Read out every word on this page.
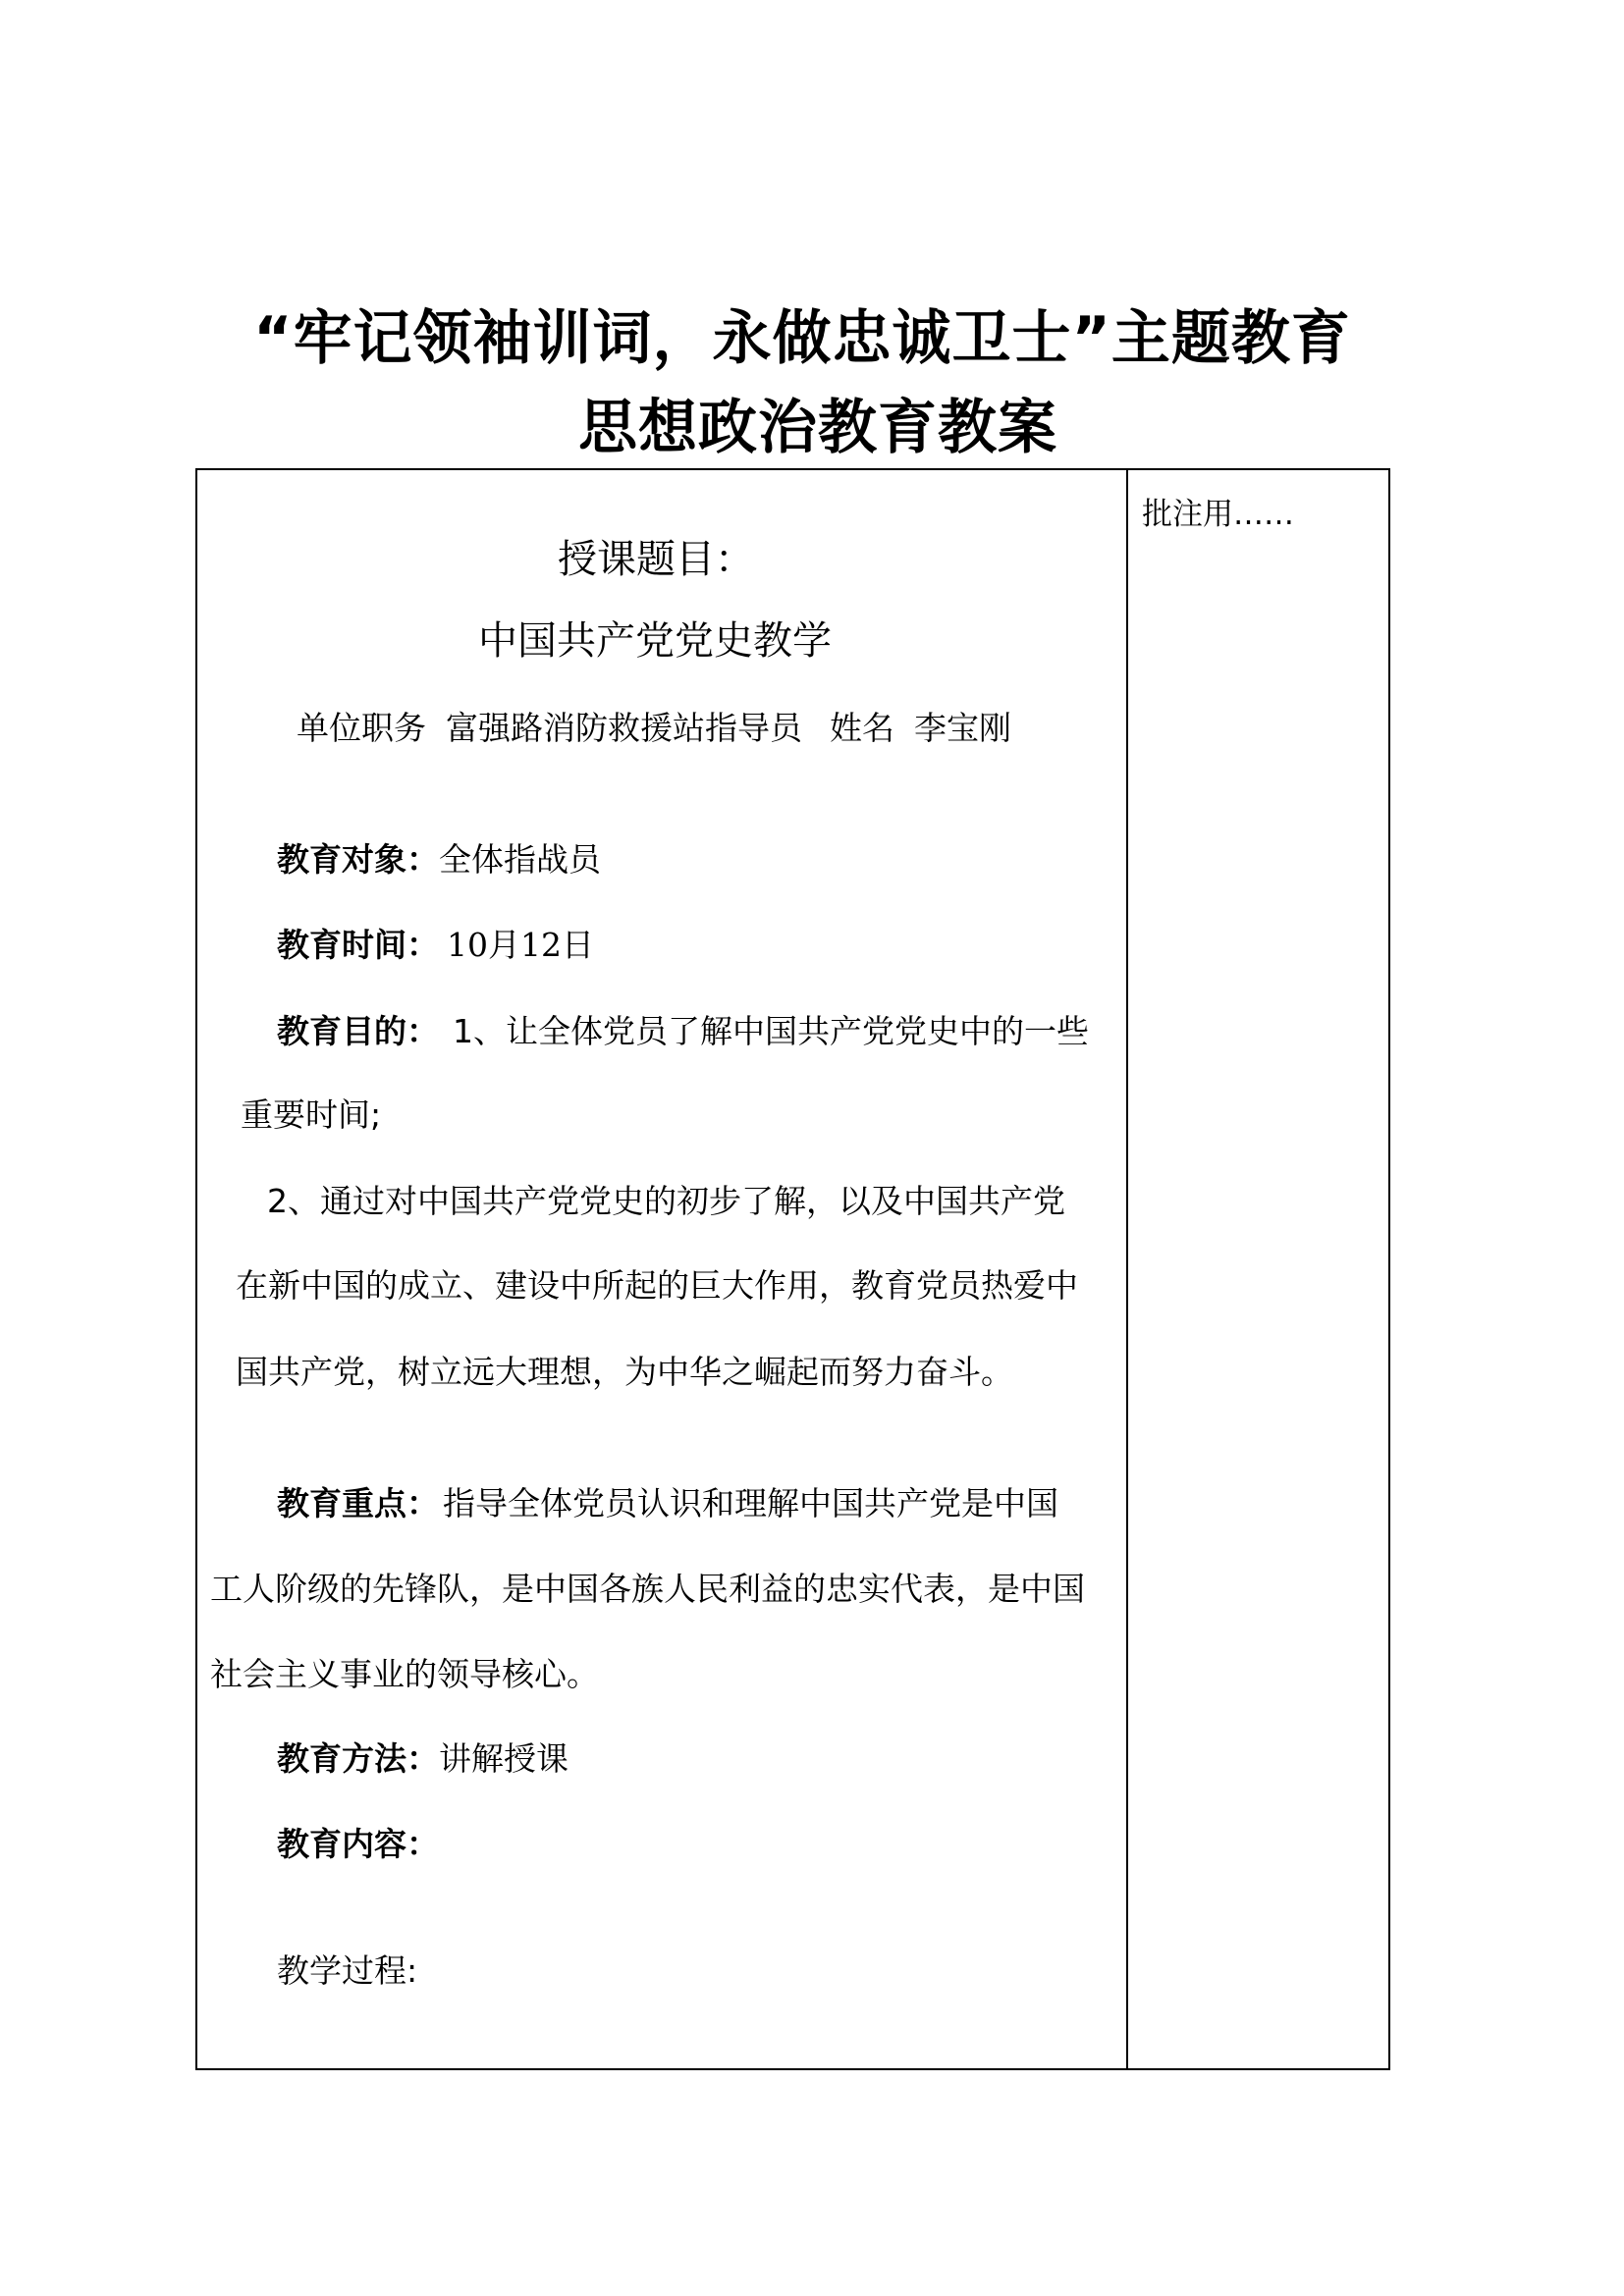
“牢记领袖训词，永做忠诚卫士”主题教育
思想政治教育教案
批注用……
授课题目：
中国共产党党史教学
单位职务 富强路消防救援站指导员 姓名 李宝刚
教育对象：全体指战员
教育时间： 10月12日
教育目的： 1、让全体党员了解中国共产党党史中的一些
重要时间;
2、通过对中国共产党党史的初步了解，以及中国共产党
在新中国的成立、建设中所起的巨大作用，教育党员热爱中
国共产党，树立远大理想，为中华之崛起而努力奋斗。
教育重点： 指导全体党员认识和理解中国共产党是中国
工人阶级的先锋队，是中国各族人民利益的忠实代表，是中国
社会主义事业的领导核心。
教育方法：讲解授课
教育内容：
教学过程:
